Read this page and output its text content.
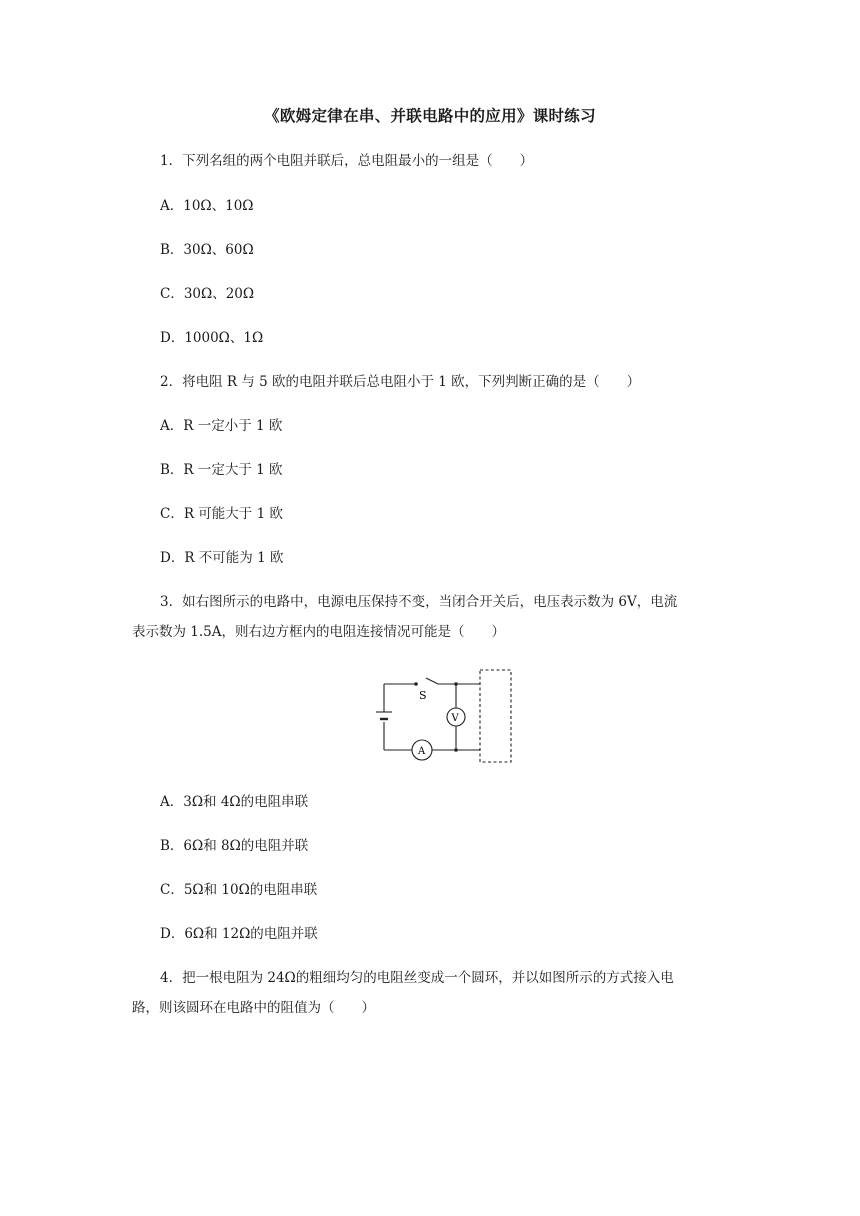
《欧姆定律在串、并联电路中的应用》课时练习
1．下列名组的两个电阻并联后，总电阻最小的一组是（　　）
A．10Ω、10Ω
B．30Ω、60Ω
C．30Ω、20Ω
D．1000Ω、1Ω
2．将电阻 R 与 5 欧的电阻并联后总电阻小于 1 欧，下列判断正确的是（　　）
A．R 一定小于 1 欧
B．R 一定大于 1 欧
C．R 可能大于 1 欧
D．R 不可能为 1 欧
3．如右图所示的电路中，电源电压保持不变，当闭合开关后，电压表示数为 6V，电流
表示数为 1.5A，则右边方框内的电阻连接情况可能是（　　）
S
V
A
A．3Ω和 4Ω的电阻串联
B．6Ω和 8Ω的电阻并联
C．5Ω和 10Ω的电阻串联
D．6Ω和 12Ω的电阻并联
4．把一根电阻为 24Ω的粗细均匀的电阻丝变成一个圆环，并以如图所示的方式接入电
路，则该圆环在电路中的阻值为（　　）
